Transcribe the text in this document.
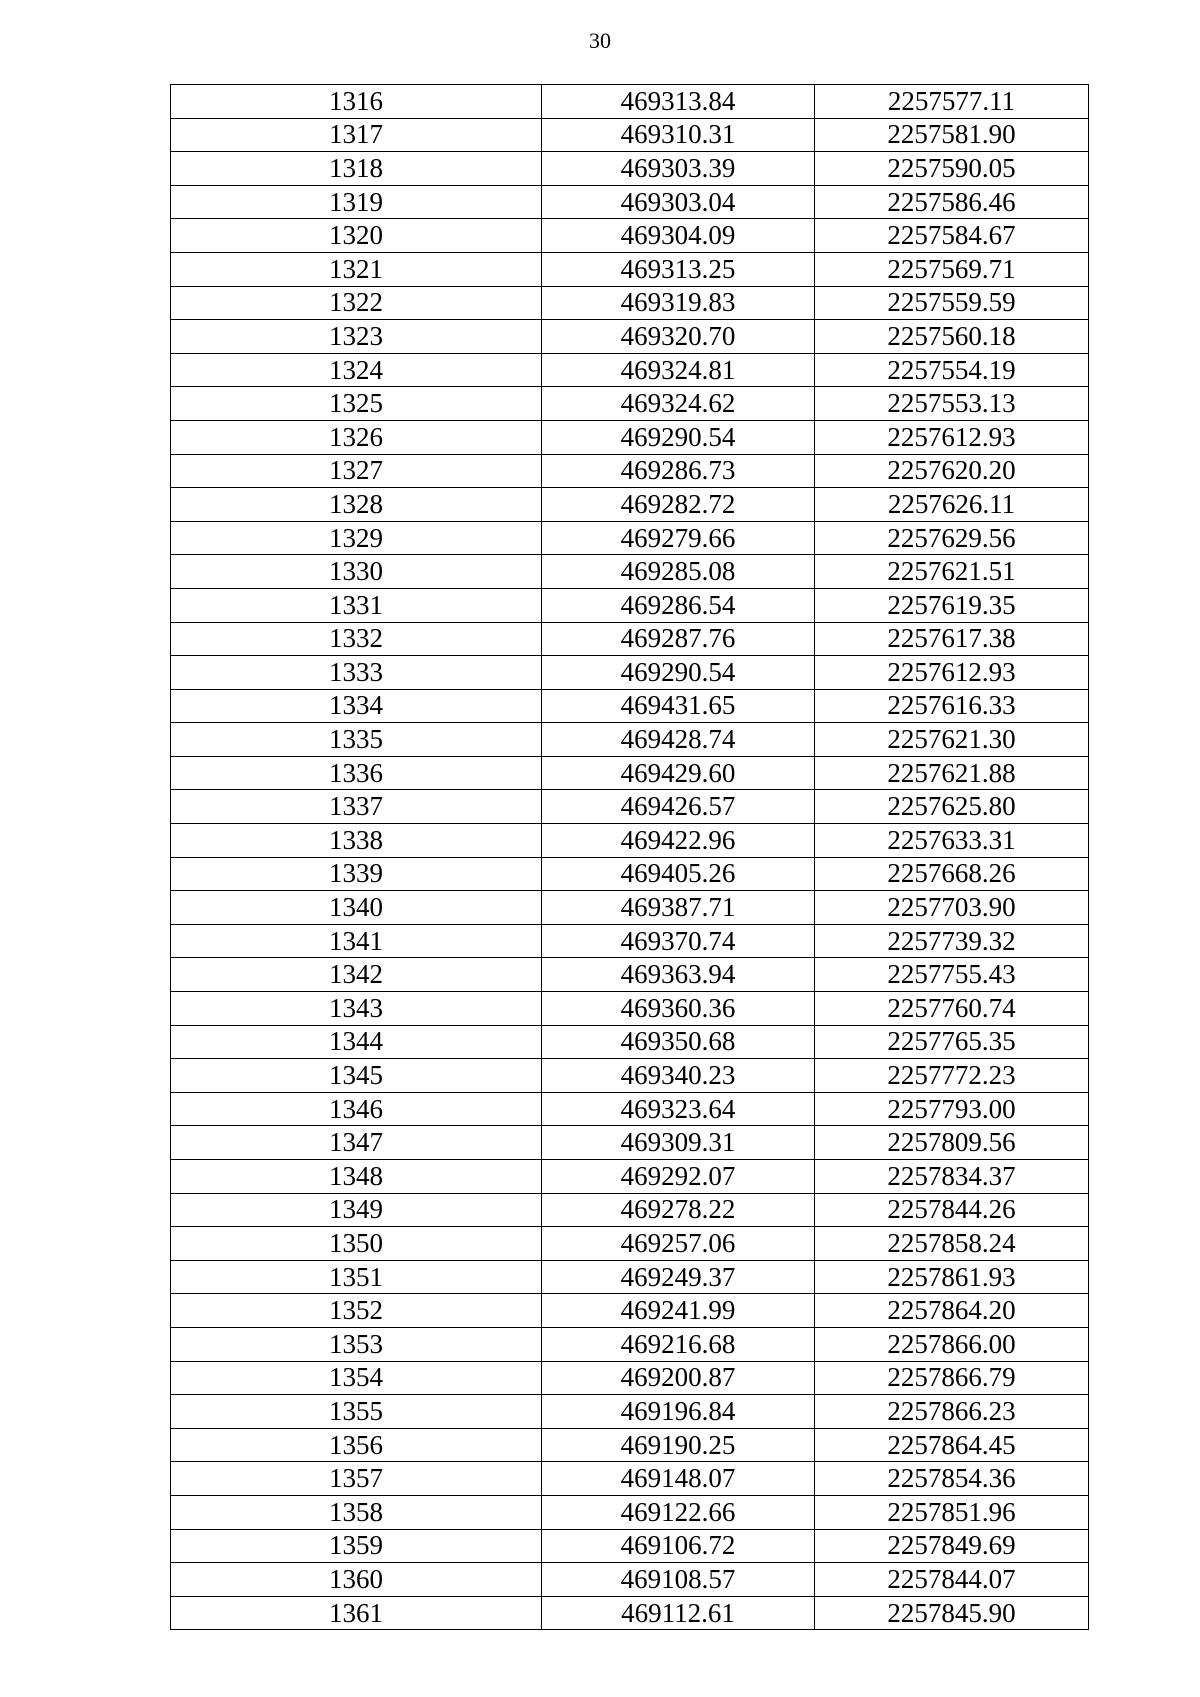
30
1316	469313.84	2257577.11
1317	469310.31	2257581.90
1318	469303.39	2257590.05
1319	469303.04	2257586.46
1320	469304.09	2257584.67
1321	469313.25	2257569.71
1322	469319.83	2257559.59
1323	469320.70	2257560.18
1324	469324.81	2257554.19
1325	469324.62	2257553.13
1326	469290.54	2257612.93
1327	469286.73	2257620.20
1328	469282.72	2257626.11
1329	469279.66	2257629.56
1330	469285.08	2257621.51
1331	469286.54	2257619.35
1332	469287.76	2257617.38
1333	469290.54	2257612.93
1334	469431.65	2257616.33
1335	469428.74	2257621.30
1336	469429.60	2257621.88
1337	469426.57	2257625.80
1338	469422.96	2257633.31
1339	469405.26	2257668.26
1340	469387.71	2257703.90
1341	469370.74	2257739.32
1342	469363.94	2257755.43
1343	469360.36	2257760.74
1344	469350.68	2257765.35
1345	469340.23	2257772.23
1346	469323.64	2257793.00
1347	469309.31	2257809.56
1348	469292.07	2257834.37
1349	469278.22	2257844.26
1350	469257.06	2257858.24
1351	469249.37	2257861.93
1352	469241.99	2257864.20
1353	469216.68	2257866.00
1354	469200.87	2257866.79
1355	469196.84	2257866.23
1356	469190.25	2257864.45
1357	469148.07	2257854.36
1358	469122.66	2257851.96
1359	469106.72	2257849.69
1360	469108.57	2257844.07
1361	469112.61	2257845.90
